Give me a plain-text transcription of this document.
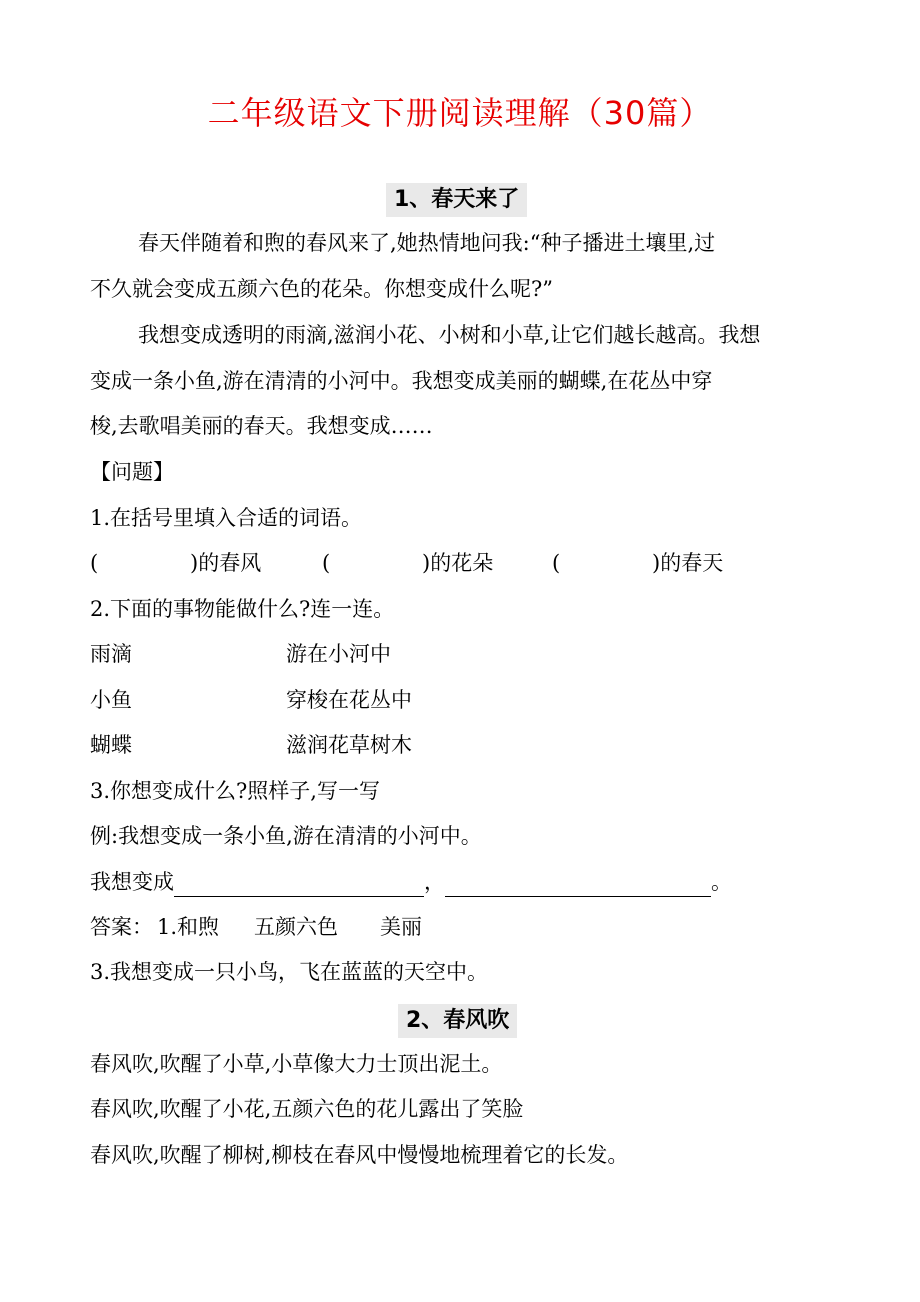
二年级语文下册阅读理解（30篇）
1、春天来了
春天伴随着和煦的春风来了,她热情地问我:“种子播进土壤里,过
不久就会变成五颜六色的花朵。你想变成什么呢?”
我想变成透明的雨滴,滋润小花、小树和小草,让它们越长越高。我想
变成一条小鱼,游在清清的小河中。我想变成美丽的蝴蝶,在花丛中穿
梭,去歌唱美丽的春天。我想变成……
【问题】
1.在括号里填入合适的词语。
(	)的春风	(	)的花朵	(	)的春天
2.下面的事物能做什么?连一连。
雨滴	游在小河中
小鱼	穿梭在花丛中
蝴蝶	滋润花草树木
3.你想变成什么?照样子,写一写
例:我想变成一条小鱼,游在清清的小河中。
我想变成	，	。
答案： 1.和煦 五颜六色 美丽
3.我想变成一只小鸟，飞在蓝蓝的天空中。
2、春风吹
春风吹,吹醒了小草,小草像大力士顶出泥土。
春风吹,吹醒了小花,五颜六色的花儿露出了笑脸
春风吹,吹醒了柳树,柳枝在春风中慢慢地梳理着它的长发。
